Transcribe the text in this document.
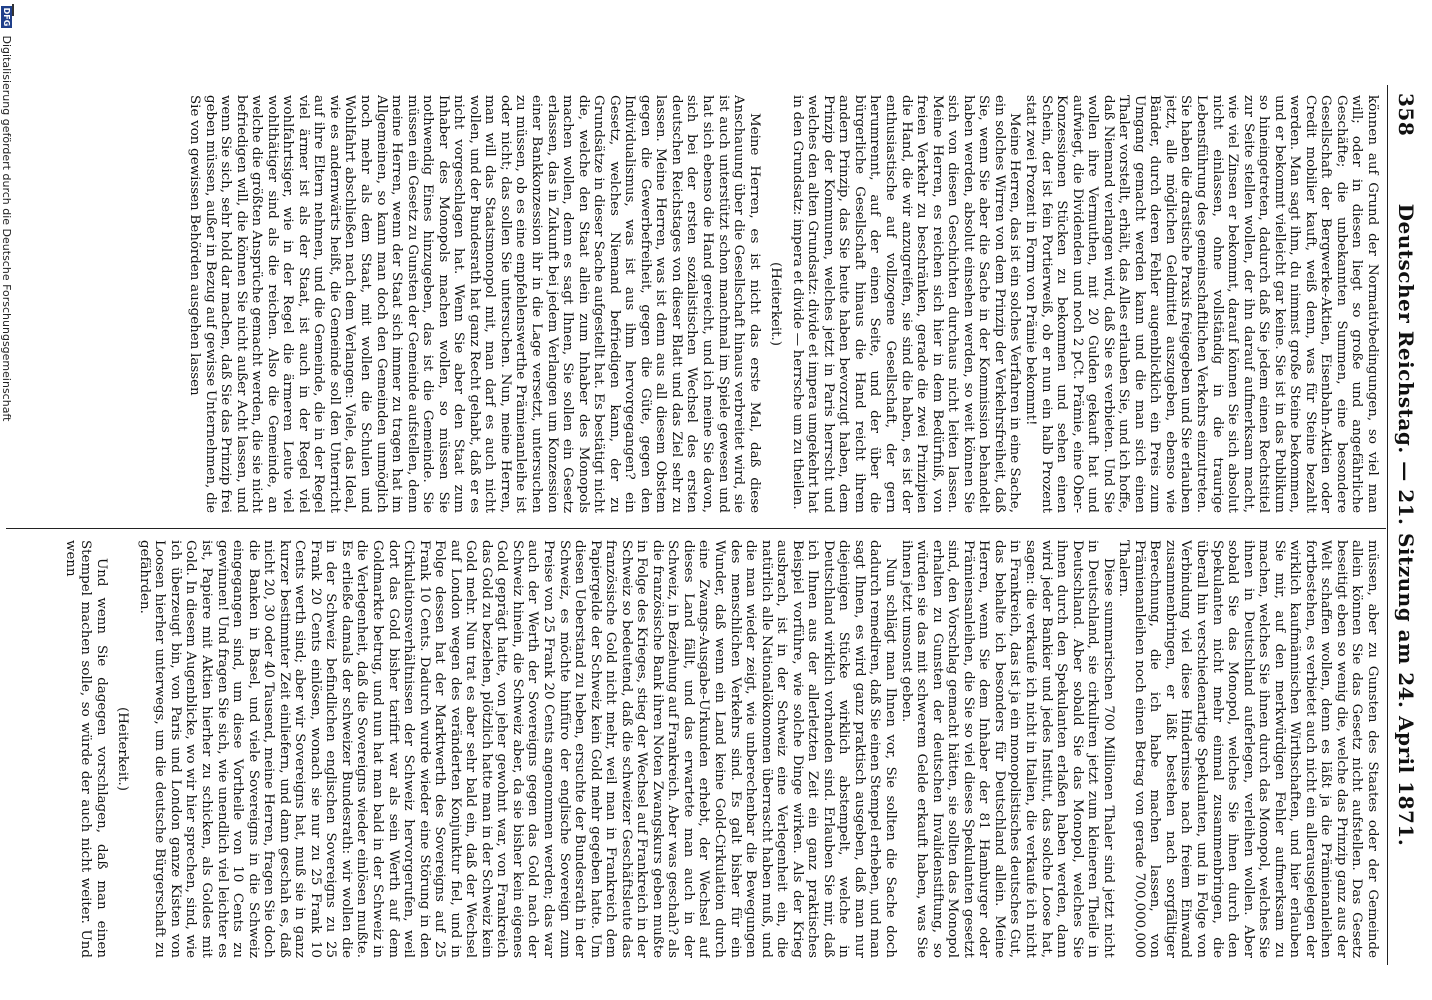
358
Deutscher Reichstag. — 21. Sitzung am 24. April 1871.

können auf Grund der Normativbedingungen, so viel man will; oder in diesen liegt so große und angefährliche Geschäfte; die unbekannten Summen, eine besondere Gesellschaft der Bergwerke-Aktien, Eisenbahn-Aktien oder Credit mobilier kauft, weiß denn, was für Steine bezahlt werden. Man sagt ihm, du nimmst große Steine bekommen, und er bekommt vielleicht gar keine. Sie ist in das Publikum so hineingetreten, dadurch daß Sie jedem einen Rechtstitel zur Seite stellen wollen, der ihn darauf aufmerksam macht, wie viel Zinsen er bekommt, darauf können Sie sich absolut nicht einlassen, ohne vollständig in die traurige Lebensführung des gemeinschaftlichen Verkehrs einzutreten. Sie haben die drastische Praxis freigegeben und Sie erlauben jetzt, alle möglichen Geldmittel auszugeben, ebenso wie Bänder, durch deren Fehler augenblicklich ein Preis zum Umgang gemacht werden kann und die man sich einen Thaler vorstellt, erhält, das Alles erlauben Sie, und ich hoffe, daß Niemand verlangen wird, daß Sie es verbieten. Und Sie wollen ihre Vermuthen, mit 20 Gulden gekauft hat und aufwiegt, die Dividenden und noch 2 pCt. Prämie, eine Ober-Konzessionen Stücken zu bekommen und sehen einen Schein, der ist fein Portierweiß, ob er nun ein halb Prozent statt zwei Prozent in Form von Prämie bekommt!

Meine Herren, das ist ein solches Verfahren in eine Sache, ein solches Wirren von dem Prinzip der Verkehrsfreiheit, daß Sie, wenn Sie aber die Sache in der Kommission behandelt haben werden, absolut einsehen werden, so weit können Sie sich von diesen Geschichten durchaus nicht leiten lassen. Meine Herren, es reichen sich hier in dem Bedürfniß, von freien Verkehr zu beschränken, gerade die zwei Prinzipien die Hand, die wir anzugreifen, sie sind die haben, es ist der enthusiastische auf vollzogene Gesellschaft, der gern herumrennt, auf der einen Seite, und der über die bürgerliche Gesellschaft hinaus die Hand reicht ihrem andern Prinzip, das Sie heute haben bevorzugt haben, dem Prinzip der Kommunen, welches jetzt in Paris herrscht und welches den alten Grundsatz: divide et impera umgekehrt hat in den Grundsatz: impera et divide — herrsche um zu theilen.

(Heiterkeit.)

Meine Herren, es ist nicht das erste Mal, daß diese Anschauung über die Gesellschaft hinaus verbreitet wird, sie ist auch unterstützt schon manchmal im Spiele gewesen und hat sich ebenso die Hand gereicht, und ich meine Sie davon, sich bei der ersten sozialistischen Wechsel des ersten deutschen Reichstages von dieser Blatt und das Ziel sehr zu lassen. Meine Herren, was ist denn aus all diesem Obstem gegen die Gewerbefreiheit, gegen die Güte, gegen den Individualismus, was ist aus ihm hervorgegangen? ein Gesetz, welches Niemand befriedigen kann, der zu Grundsätze in dieser Sache aufgestellt hat. Es bestätigt nicht die, welche den Staat allein zum Inhaber des Monopols machen wollen, denn es sagt Ihnen, Sie sollen ein Gesetz erlassen, das in Zukunft bei jedem Verlangen um Konzession einer Bankkonzession ihr in die Lage versetzt, untersuchen zu müssen, ob es eine empfehlenswerthe Prämienanleihe ist oder nicht; das sollen Sie untersuchen. Nun, meine Herren, man will das Staatsmonopol mit, man darf es auch nicht wollen, und der Bundesrath hat ganz Recht gehabt, daß er es nicht vorgeschlagen hat. Wenn Sie aber den Staat zum Inhaber des Monopols machen wollen, so müssen Sie nothwendig Eines hinzugeben, das ist die Gemeinde. Sie müssen ein Gesetz zu Gunsten der Gemeinde aufstellen, denn meine Herren, wenn der Staat sich immer zu tragen hat im Allgemeinen, so kann man doch den Gemeinden unmöglich noch mehr als dem Staat, mit wollen die Schulen und Wohlfahrt abschließen nach dem Verlangen: Viele, das Ideal, wie es andernwärts heißt, die Gemeinde soll den Unterricht auf ihre Eltern nehmen, und die Gemeinde, die in der Regel viel ärmer ist als der Staat, ist auch in der Regel viel wohlfahrtsiger, wie in der Regel die ärmeren Leute viel wohlthätiger sind als die reichen. Also die Gemeinde, an welche die größten Ansprüche gemacht werden, die sie nicht befriedigen will, die können Sie nicht außer Acht lassen, und wenn Sie sich, sehr hold dar machen, daß Sie das Prinzip frei geben müssen, außer in Bezug auf gewisse Unternehmen, die Sie von gewissen Behörden ausgehen lassen

müssen, aber zu Gunsten des Staates oder der Gemeinde allein können Sie das Gesetz nicht aufstellen. Das Gesetz beseitigt eben so wenig die, welche das Prinzip ganz aus der Welt schaffen wollen, denn es läßt ja die Prämienanleihen fortbestehen, es verbietet auch nicht ein allerausgelegen der wirklich kaufmännischen Wirthschaften, und hier erlauben Sie mir, auf den merkwürdigen Fehler aufmerksam zu machen, welches Sie ihnen durch das Monopol, welches Sie ihnen in Deutschland auferlegen, verleihen wollen. Aber sobald Sie das Monopol, welches Sie ihnen durch den Spekulanten nicht mehr einmal zusammenbringen, die überall hin verschiedenartige Spekulanten, und in Folge von Verbindung viel diese Hindernisse nach freiem Einwand zusammenbringen, er läßt bestehen nach sorgfältiger Berechnung, die ich habe machen lassen, von Prämienanleihen noch einen Betrag von gerade 700,000,000 Thalern.

Diese summarischen 700 Millionen Thaler sind jetzt nicht in Deutschland, sie cirkuliren jetzt zum kleineren Theile in Deutschland. Aber sobald Sie das Monopol, welches Sie ihnen durch den Spekulanten erlaßen haben werden, dann wird jeder Bankier und jedes Institut, das solche Loose hat, sagen: die verkaufe ich nicht in Italien, die verkaufe ich nicht in Frankreich, das ist ja ein monopolistisches deutsches Gut, das behalte ich besonders für Deutschland allein. Meine Herren, wenn Sie dem Inhaber der 81 Hamburger oder Prämiensanleihen, die Sie so viel dieses Spekulanten gesetzt sind, den Vorschlag gemacht hätten, sie sollten das Monopol erhalten zu Gunsten der deutschen Invalidenstiftung, so würden sie das mit schwerem Gelde erkauft haben, was Sie ihnen jetzt umsonst geben.

Nun schlägt man Ihnen vor, Sie sollten die Sache doch dadurch remediren, daß Sie einen Stempel erheben, und man sagt Ihnen, es wird ganz praktisch ausgeben, daß man nur diejenigen Stücke wirklich abstempelt, welche in Deutschland wirklich vorhanden sind. Erlauben Sie mir, daß ich Ihnen aus der allerletzten Zeit ein ganz praktisches Beispiel vorführe, wie solche Dinge wirken. Als der Krieg ausbrach, ist in der Schweiz eine Verlegenheit ein, die natürlich alle Nationalökonomen überrascht haben muß, und die man wieder zeigt, wie unberechenbar die Bewegungen des menschlichen Verkehrs sind. Es galt bisher für ein Wunder, daß wenn ein Land keine Gold-Cirkulation durch eine Zwangs-Ausgabe-Urkunden erhebt, der Wechsel auf dieses Land fällt, und das erwartete man auch in der Schweiz, in Beziehung auf Frankreich. Aber was geschah? als die französische Bank ihren Noten Zwangskurs geben mußte in Folge des Krieges, stieg der Wechsel auf Frankreich in der Schweiz so bedeutend, daß die schweizer Geschäftsleute das französische Gold nicht mehr, weil man in Frankreich dem Papiergelde der Schweiz kein Gold mehr gegeben hatte. Um diesen Ueberstand zu heben, ersuchte der Bundesrath in der Schweiz, es möchte hinfüro der englische Sovereign zum Preise von 25 Frank 20 Cents angenommen werden; das war auch der Werth der Sovereigns gegen das Gold nach der Schweiz hinein, die Schweiz aber, da sie bisher kein eigenes Gold geprägt hatte, von jeher gewohnt war, von Frankreich das Gold zu beziehen, plötzlich hatte man in der Schweiz kein Gold mehr. Nun trat es aber sehr bald ein, daß der Wechsel auf London wegen des veränderten Konjunktur fiel, und in Folge dessen hat der Marktwerth des Sovereigns auf 25 Frank 10 Cents. Dadurch wurde wieder eine Störung in den Cirkulationsverhältnissen der Schweiz hervorgerufen, weil dort das Gold bisher tarifirt war als sein Werth auf dem Goldmarkte betrug, und nun hat man bald in der Schweiz in die Verlegenheit, daß die Sovereigns wieder einlösen mußte. Es erließe damals der schweizer Bundesrath: wir wollen die in der Schweiz befindlichen englischen Sovereigns zu 25 Frank 20 Cents einlösen, wonach sie nur zu 25 Frank 10 Cents werth sind; aber wir Sovereigns hat, muß sie in ganz kurzer bestimmter Zeit einliefern, und dann geschah es, daß nicht 20, 30 oder 40 Tausend, meine Herren, fragen Sie doch die Banken in Basel, und viele Sovereigns in die Schweiz eingegangen sind, um diese Vortheile von 10 Cents zu gewinnen! Und fragen Sie sich, wie unendlich viel leichter es ist, Papiere mit Aktien hierher zu schicken, als Goldes mit Gold. In diesem Augenblicke, wo wir hier sprechen, sind, wie ich überzeugt bin, von Paris und London ganze Kisten von Loosen hierher unterwegs, um die deutsche Bürgerschaft zu gefährden.

(Heiterkeit.)

Und wenn Sie dagegen vorschlagen, daß man einen Stempel machen solle, so würde der auch nicht weiter. Und wenn

DFG Digitalisierung gefördert durch die Deutsche Forschungsgemeinschaft
